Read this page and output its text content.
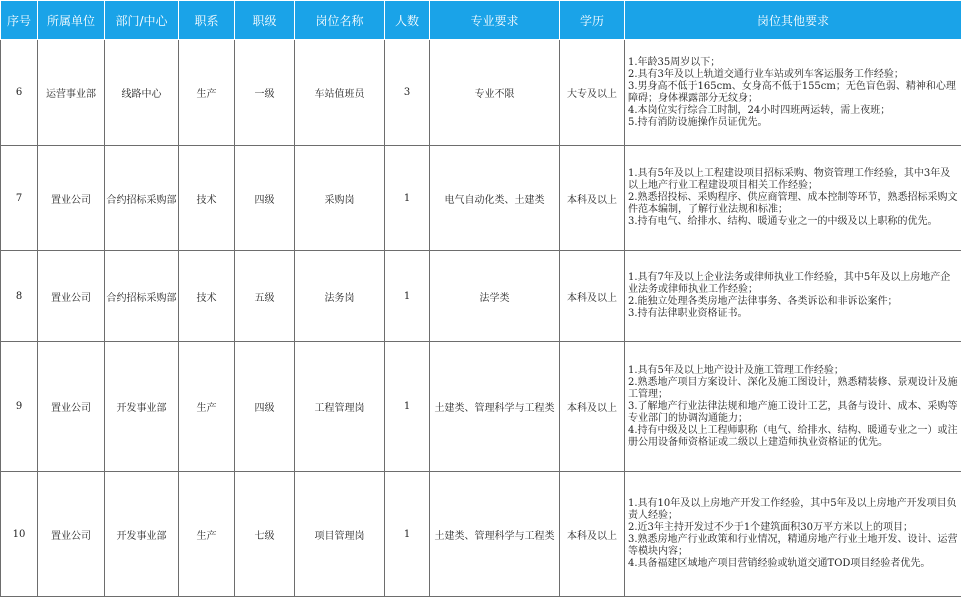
序号	所属单位	部门/中心	职系	职级	岗位名称	人数	专业要求	学历	岗位其他要求
6	运营事业部	线路中心	生产	一级	车站值班员	3	专业不限	大专及以上	1.年龄35周岁以下；
2.具有3年及以上轨道交通行业车站或列车客运服务工作经验；
3.男身高不低于165cm、女身高不低于155cm；无色盲色弱、精神和心理障碍；身体裸露部分无纹身；
4.本岗位实行综合工时制，24小时四班两运转，需上夜班；
5.持有消防设施操作员证优先。

7	置业公司	合约招标采购部	技术	四级	采购岗	1	电气自动化类、土建类	本科及以上	1.具有5年及以上工程建设项目招标采购、物资管理工作经验，其中3年及以上地产行业工程建设项目相关工作经验；
2.熟悉招投标、采购程序、供应商管理、成本控制等环节，熟悉招标采购文件范本编制，了解行业法规和标准；
3.持有电气、给排水、结构、暖通专业之一的中级及以上职称的优先。

8	置业公司	合约招标采购部	技术	五级	法务岗	1	法学类	本科及以上	1.具有7年及以上企业法务或律师执业工作经验，其中5年及以上房地产企业法务或律师执业工作经验；
2.能独立处理各类房地产法律事务、各类诉讼和非诉讼案件；
3.持有法律职业资格证书。

9	置业公司	开发事业部	生产	四级	工程管理岗	1	土建类、管理科学与工程类	本科及以上	1.具有5年及以上地产设计及施工管理工作经验；
2.熟悉地产项目方案设计、深化及施工图设计，熟悉精装修、景观设计及施工管理；
3.了解地产行业法律法规和地产施工设计工艺，具备与设计、成本、采购等专业部门的协调沟通能力；
4.持有中级及以上工程师职称（电气、给排水、结构、暖通专业之一）或注册公用设备师资格证或二级以上建造师执业资格证的优先。

10	置业公司	开发事业部	生产	七级	项目管理岗	1	土建类、管理科学与工程类	本科及以上	1.具有10年及以上房地产开发工作经验，其中5年及以上房地产开发项目负责人经验；
2.近3年主持开发过不少于1个建筑面积30万平方米以上的项目；
3.熟悉房地产行业政策和行业情况，精通房地产行业土地开发、设计、运营等模块内容；
4.具备福建区域地产项目营销经验或轨道交通TOD项目经验者优先。
